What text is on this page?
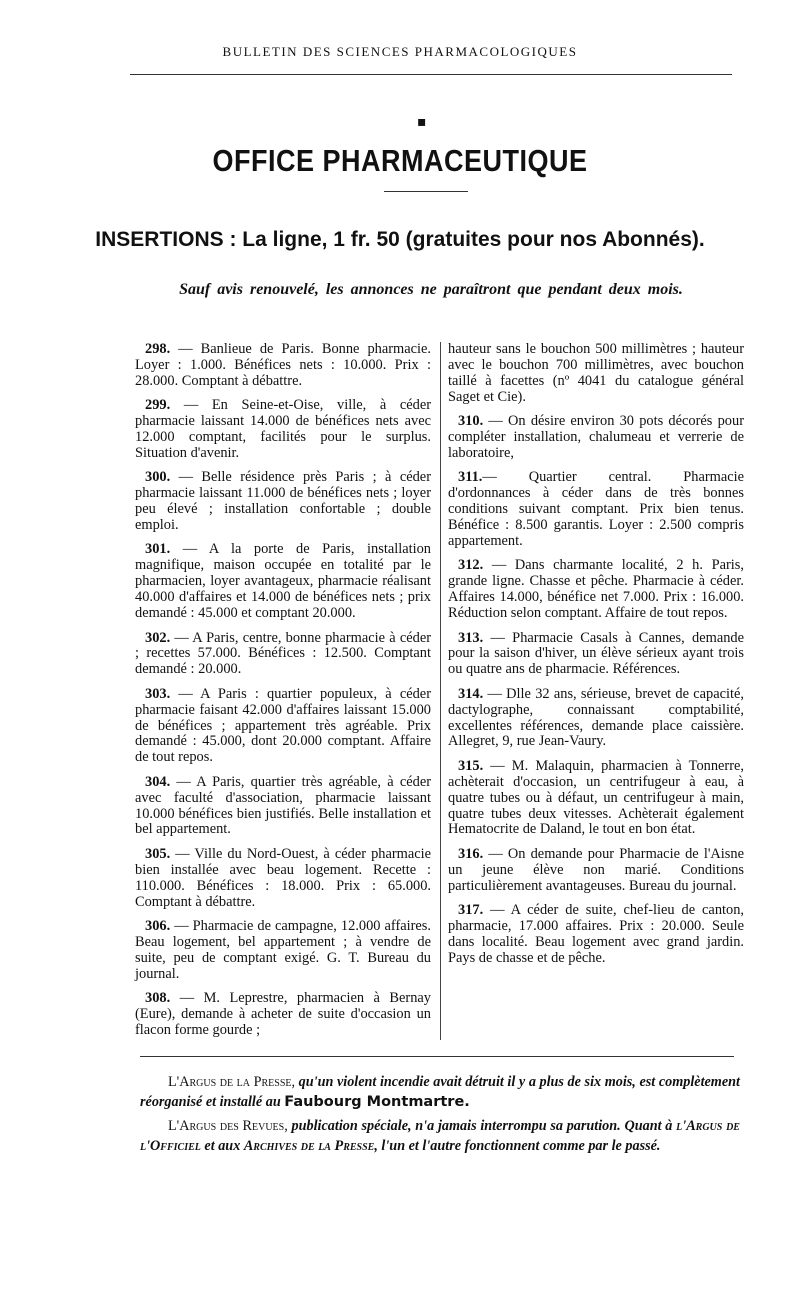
BULLETIN DES SCIENCES PHARMACOLOGIQUES
▪
OFFICE PHARMACEUTIQUE
INSERTIONS : La ligne, 1 fr. 50 (gratuites pour nos Abonnés).
Sauf avis renouvelé, les annonces ne paraîtront que pendant deux mois.

298. — Banlieue de Paris. Bonne pharmacie. Loyer : 1.000. Bénéfices nets : 10.000. Prix : 28.000. Comptant à débattre.

299. — En Seine-et-Oise, ville, à céder pharmacie laissant 14.000 de bénéfices nets avec 12.000 comptant, facilités pour le surplus. Situation d'avenir.

300. — Belle résidence près Paris ; à céder pharmacie laissant 11.000 de bénéfices nets ; loyer peu élevé ; installation confortable ; double emploi.

301. — A la porte de Paris, installation magnifique, maison occupée en totalité par le pharmacien, loyer avantageux, pharmacie réalisant 40.000 d'affaires et 14.000 de bénéfices nets ; prix demandé : 45.000 et comptant 20.000.

302. — A Paris, centre, bonne pharmacie à céder ; recettes 57.000. Bénéfices : 12.500. Comptant demandé : 20.000.

303. — A Paris : quartier populeux, à céder pharmacie faisant 42.000 d'affaires laissant 15.000 de bénéfices ; appartement très agréable. Prix demandé : 45.000, dont 20.000 comptant. Affaire de tout repos.

304. — A Paris, quartier très agréable, à céder avec faculté d'association, pharmacie laissant 10.000 bénéfices bien justifiés. Belle installation et bel appartement.

305. — Ville du Nord-Ouest, à céder pharmacie bien installée avec beau logement. Recette : 110.000. Bénéfices : 18.000. Prix : 65.000. Comptant à débattre.

306. — Pharmacie de campagne, 12.000 affaires. Beau logement, bel appartement ; à vendre de suite, peu de comptant exigé. G. T. Bureau du journal.

308. — M. Leprestre, pharmacien à Bernay (Eure), demande à acheter de suite d'occasion un flacon forme gourde ;

hauteur sans le bouchon 500 millimètres ; hauteur avec le bouchon 700 millimètres, avec bouchon taillé à facettes (nº 4041 du catalogue général Saget et Cie).

310. — On désire environ 30 pots décorés pour compléter installation, chalumeau et verrerie de laboratoire,

311.— Quartier central. Pharmacie d'ordonnances à céder dans de très bonnes conditions suivant comptant. Prix bien tenus. Bénéfice : 8.500 garantis. Loyer : 2.500 compris appartement.

312. — Dans charmante localité, 2 h. Paris, grande ligne. Chasse et pêche. Pharmacie à céder. Affaires 14.000, bénéfice net 7.000. Prix : 16.000. Réduction selon comptant. Affaire de tout repos.

313. — Pharmacie Casals à Cannes, demande pour la saison d'hiver, un élève sérieux ayant trois ou quatre ans de pharmacie. Références.

314. — Dlle 32 ans, sérieuse, brevet de capacité, dactylographe, connaissant comptabilité, excellentes références, demande place caissière. Allegret, 9, rue Jean-Vaury.

315. — M. Malaquin, pharmacien à Tonnerre, achèterait d'occasion, un centrifugeur à eau, à quatre tubes ou à défaut, un centrifugeur à main, quatre tubes deux vitesses. Achèterait également Hematocrite de Daland, le tout en bon état.

316. — On demande pour Pharmacie de l'Aisne un jeune élève non marié. Conditions particulièrement avantageuses. Bureau du journal.

317. — A céder de suite, chef-lieu de canton, pharmacie, 17.000 affaires. Prix : 20.000. Seule dans localité. Beau logement avec grand jardin. Pays de chasse et de pêche.

L'Argus de la Presse, qu'un violent incendie avait détruit il y a plus de six mois, est complètement réorganisé et installé au Faubourg Montmartre.

L'Argus des Revues, publication spéciale, n'a jamais interrompu sa parution. Quant à l'Argus de l'Officiel et aux Archives de la Presse, l'un et l'autre fonctionnent comme par le passé.
